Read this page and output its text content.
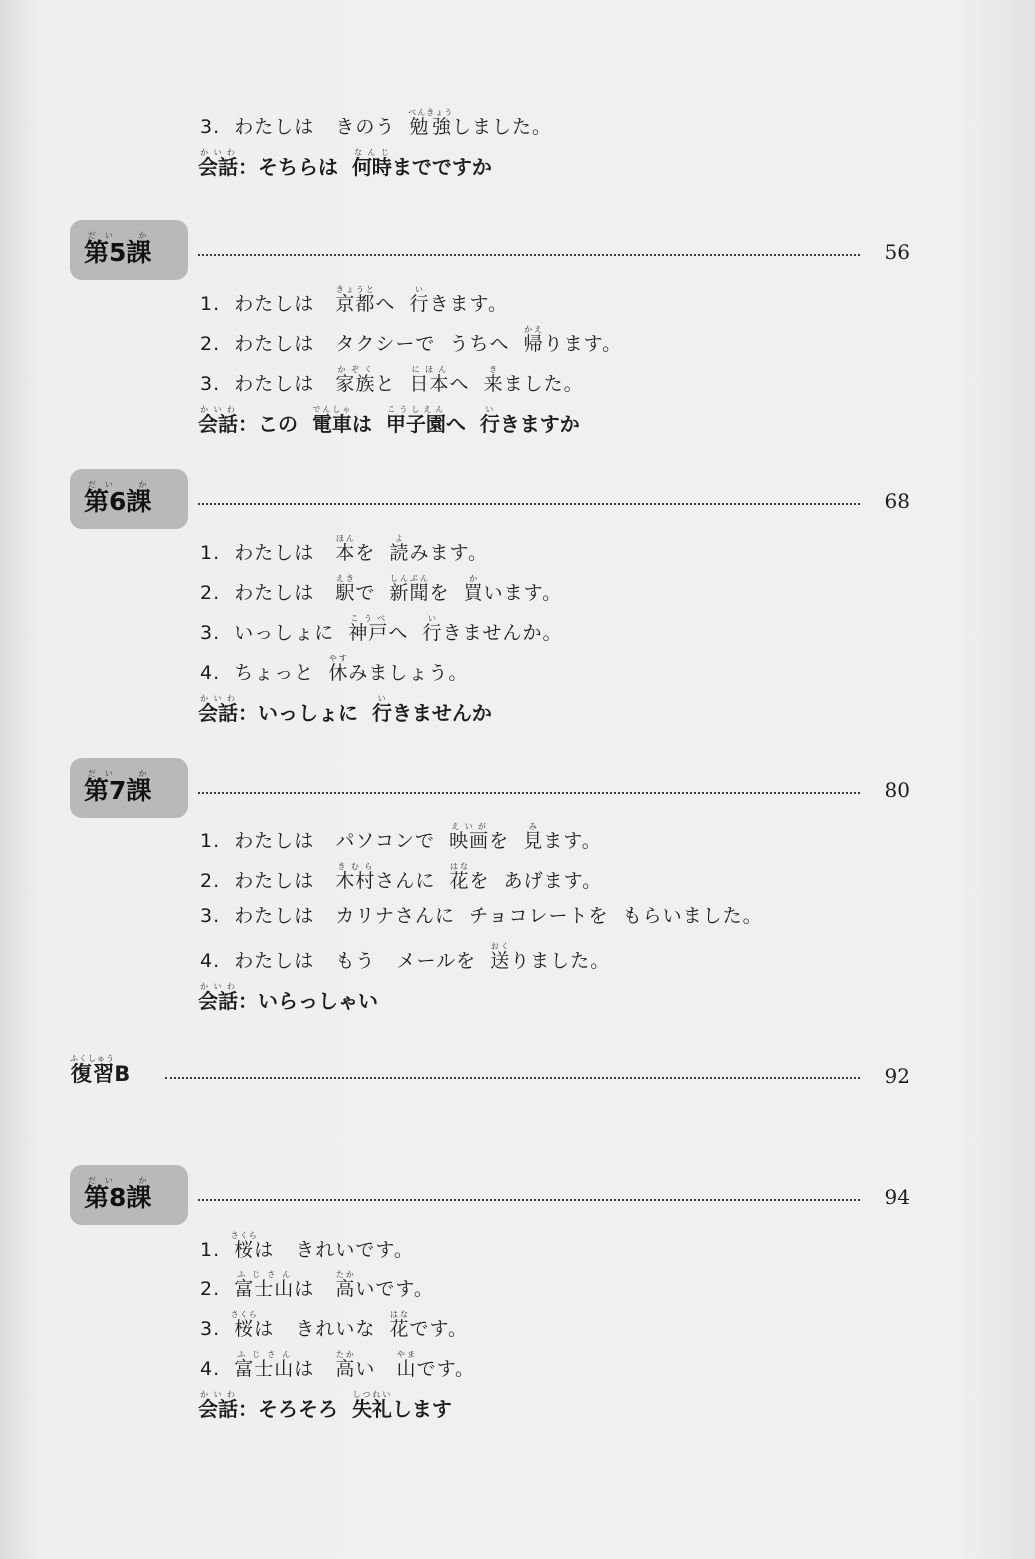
3. わたしは きのう 勉強べんきょうしました。
会話かいわ：そちらは 何時なんじまでですか
第5課だい　か
56
1. わたしは 京都きょうとへ 行いきます。
2. わたしは タクシーで うちへ 帰かえります。
3. わたしは 家族かぞくと 日本にほんへ 来きました。
会話かいわ：この 電車でんしゃは 甲子園こうしえんへ 行いきますか
第6課だい　か
68
1. わたしは 本ほんを 読よみます。
2. わたしは 駅えきで 新聞しんぶんを 買かいます。
3. いっしょに 神戸こうべへ 行いきませんか。
4. ちょっと 休やすみましょう。
会話かいわ：いっしょに 行いきませんか
第7課だい　か
80
1. わたしは パソコンで 映画えいがを 見みます。
2. わたしは 木村きむらさんに 花はなを あげます。
3. わたしは カリナさんに チョコレートを もらいました。
4. わたしは もう メールを 送おくりました。
会話かいわ：いらっしゃい
復習ふくしゅうB	92
第8課だい　か
94
1. 桜さくらは きれいです。
2. 富士山ふじさんは 高たかいです。
3. 桜さくらは きれいな 花はなです。
4. 富士山ふじさんは 高たかい 山やまです。
会話かいわ：そろそろ 失礼しつれいします
